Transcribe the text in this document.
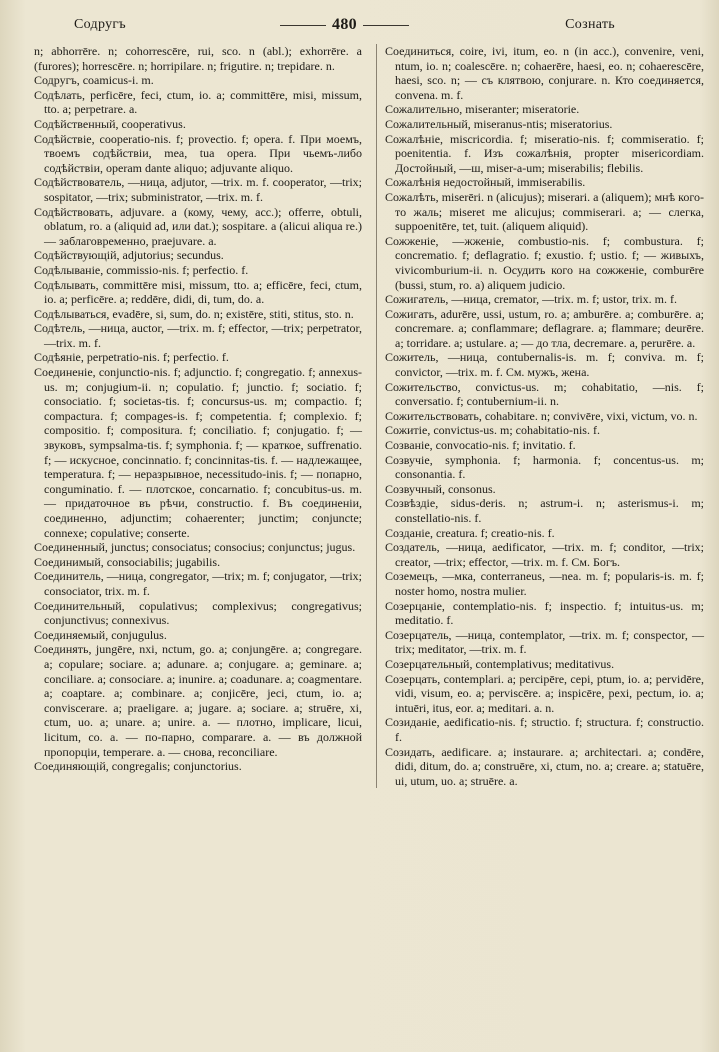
Содругъ	480	Сознать

n; abhorrēre. n; cohorrescēre, rui, sco. n (abl.); exhorrēre. a (furores); horrescēre. n; horripilare. n; frigutire. n; trepidare. n.

Содругъ, coamicus-i. m.

Содѣлать, perficēre, feci, ctum, io. a; committēre, misi, missum, tto. a; perpetrare. a.

Содѣйственный, cooperativus.

Содѣйствіе, cooperatio-nis. f; provectio. f; opera. f. При моемъ, твоемъ содѣйствіи, mea, tua opera. При чьемъ-либо содѣйствіи, operam dante aliquo; adjuvante aliquo.

Содѣйствователь, —ница, adjutor, —trix. m. f. cooperator, —trix; sospitator, —trix; subministrator, —trix. m. f.

Содѣйствовать, adjuvare. a (кому, чему, acc.); offerre, obtuli, oblatum, ro. a (aliquid ad, или dat.); sospitare. a (alicui aliqua re.) — заблаговременно, praejuvare. a.

Содѣйствующій, adjutorius; secundus.

Содѣлываніе, commissio-nis. f; perfectio. f.

Содѣлывать, committēre misi, missum, tto. a; efficēre, feci, ctum, io. a; perficēre. a; reddēre, didi, di, tum, do. a.

Содѣлываться, evadēre, si, sum, do. n; existēre, stiti, stitus, sto. n.

Содѣтель, —ница, auctor, —trix. m. f; effector, —trix; perpetrator, —trix. m. f.

Содѣяніе, perpetratio-nis. f; perfectio. f.

Соединеніе, conjunctio-nis. f; adjunctio. f; congregatio. f; annexus-us. m; conjugium-ii. n; copulatio. f; junctio. f; sociatio. f; consociatio. f; societas-tis. f; concursus-us. m; compactio. f; compactura. f; compages-is. f; competentia. f; complexio. f; compositio. f; compositura. f; conciliatio. f; conjugatio. f; — звуковъ, sympsalma-tis. f; symphonia. f; — краткое, suffrenatio. f; — искусное, concinnatio. f; concinnitas-tis. f. — надлежащее, temperatura. f; — неразрывное, necessitudo-inis. f; — попарно, conguminatio. f. — плотское, concarnatio. f; concubitus-us. m. — придаточное въ рѣчи, constructio. f. Въ соединеніи, соединенно, adjunctim; cohaerenter; junctim; conjuncte; connexe; copulative; conserte.

Соединенный, junctus; consociatus; consocius; conjunctus; jugus.

Соединимый, consociabilis; jugabilis.

Соединитель, —ница, congregator, —trix; m. f; conjugator, —trix; consociator, trix. m. f.

Соединительный, copulativus; complexivus; congregativus; conjunctivus; connexivus.

Соединяемый, conjugulus.

Соединять, jungēre, nxi, nctum, go. a; conjungēre. a; congregare. a; copulare; sociare. a; adunare. a; conjugare. a; geminare. a; conciliare. a; consociare. a; inunire. a; coadunare. a; coagmentare. a; coaptare. a; combinare. a; conjicēre, jeci, ctum, io. a; conviscerare. a; praeligare. a; jugare. a; sociare. a; struēre, xi, ctum, uo. a; unare. a; unire. a. — плотно, implicare, licui, licitum, co. a. — по-парно, comparare. a. — въ должной пропорціи, temperare. a. — снова, reconciliare.

Соединяющій, congregalis; conjunctorius.

Соединиться, coire, ivi, itum, eo. n (in acc.), convenire, veni, ntum, io. n; coalescēre. n; cohaerēre, haesi, eo. n; cohaerescēre, haesi, sco. n; — съ клятвою, conjurare. n. Кто соединяется, convena. m. f.

Сожалительно, miseranter; miseratorie.

Сожалительный, miseranus-ntis; miseratorius.

Сожалѣніе, miscricordia. f; miseratio-nis. f; commiseratio. f; poenitentia. f. Изъ сожалѣнія, propter misericordiam. Достойный, —ш, miser-a-um; miserabilis; flebilis.

Сожалѣнія недостойный, immiserabilis.

Сожалѣть, miserēri. n (alicujus); miserari. a (aliquem); мнѣ кого-то жаль; miseret me alicujus; commiserari. a; — слегка, suppoenitēre, tet, tuit. (aliquem aliquid).

Сожженіе, —жженіе, combustio-nis. f; combustura. f; concrematio. f; deflagratio. f; exustio. f; ustio. f; — живыхъ, vivicomburium-ii. n. Осудить кого на сожженіе, comburēre (bussi, stum, ro. a) aliquem judicio.

Сожигатель, —ница, cremator, —trix. m. f; ustor, trix. m. f.

Сожигать, adurēre, ussi, ustum, ro. a; amburēre. a; comburēre. a; concremare. a; conflammare; deflagrare. a; flammare; deurēre. a; torridare. a; ustulare. a; — до тла, decremare. a, perurēre. a.

Сожитель, —ница, contubernalis-is. m. f; conviva. m. f; convictor, —trix. m. f. См. мужъ, жена.

Сожительство, convictus-us. m; cohabitatio, —nis. f; conversatio. f; contubernium-ii. n.

Сожительствовать, cohabitare. n; convivēre, vixi, victum, vo. n.

Сожитіе, convictus-us. m; cohabitatio-nis. f.

Созваніе, convocatio-nis. f; invitatio. f.

Созвучіе, symphonia. f; harmonia. f; concentus-us. m; consonantia. f.

Созвучный, consonus.

Созвѣздіе, sidus-deris. n; astrum-i. n; asterismus-i. m; constellatio-nis. f.

Созданіе, creatura. f; creatio-nis. f.

Создатель, —ница, aedificator, —trix. m. f; conditor, —trix; creator, —trix; effector, —trix. m. f. См. Богъ.

Соземецъ, —мка, conterraneus, —nea. m. f; popularis-is. m. f; noster homo, nostra mulier.

Созерцаніе, contemplatio-nis. f; inspectio. f; intuitus-us. m; meditatio. f.

Созерцатель, —ница, contemplator, —trix. m. f; conspector, —trix; meditator, —trix. m. f.

Созерцательный, contemplativus; meditativus.

Созерцать, contemplari. a; percipēre, cepi, ptum, io. a; pervidēre, vidi, visum, eo. a; perviscēre. a; inspicēre, pexi, pectum, io. a; intuēri, itus, eor. a; meditari. a. n.

Созиданіе, aedificatio-nis. f; structio. f; structura. f; constructio. f.

Созидать, aedificare. a; instaurare. a; architectari. a; condēre, didi, ditum, do. a; construēre, xi, ctum, no. a; creare. a; statuēre, ui, utum, uo. a; struēre. a.
